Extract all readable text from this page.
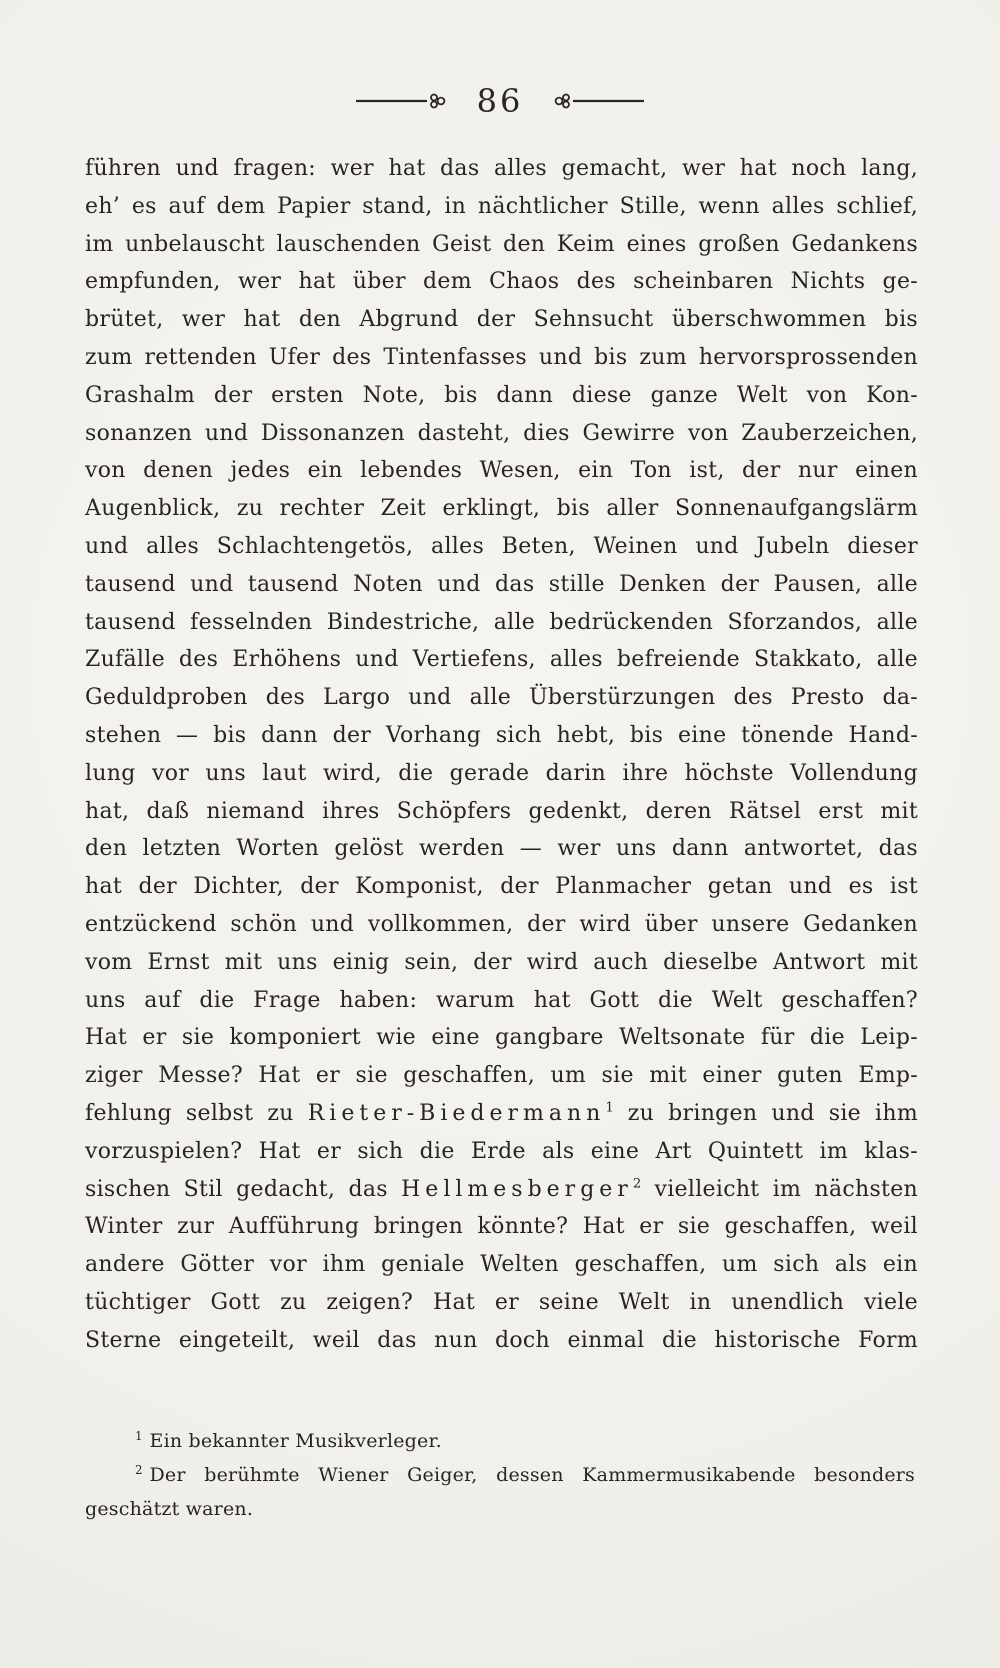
86
führen und fragen: wer hat das alles gemacht, wer hat noch lang,
eh’ es auf dem Papier stand, in nächtlicher Stille, wenn alles schlief,
im unbelauscht lauschenden Geist den Keim eines großen Gedankens
empfunden, wer hat über dem Chaos des scheinbaren Nichts ge-
brütet, wer hat den Abgrund der Sehnsucht überschwommen bis
zum rettenden Ufer des Tintenfasses und bis zum hervorsprossenden
Grashalm der ersten Note, bis dann diese ganze Welt von Kon-
sonanzen und Dissonanzen dasteht, dies Gewirre von Zauberzeichen,
von denen jedes ein lebendes Wesen, ein Ton ist, der nur einen
Augenblick, zu rechter Zeit erklingt, bis aller Sonnenaufgangslärm
und alles Schlachtengetös, alles Beten, Weinen und Jubeln dieser
tausend und tausend Noten und das stille Denken der Pausen, alle
tausend fesselnden Bindestriche, alle bedrückenden Sforzandos, alle
Zufälle des Erhöhens und Vertiefens, alles befreiende Stakkato, alle
Geduldproben des Largo und alle Überstürzungen des Presto da-
stehen — bis dann der Vorhang sich hebt, bis eine tönende Hand-
lung vor uns laut wird, die gerade darin ihre höchste Vollendung
hat, daß niemand ihres Schöpfers gedenkt, deren Rätsel erst mit
den letzten Worten gelöst werden — wer uns dann antwortet, das
hat der Dichter, der Komponist, der Planmacher getan und es ist
entzückend schön und vollkommen, der wird über unsere Gedanken
vom Ernst mit uns einig sein, der wird auch dieselbe Antwort mit
uns auf die Frage haben: warum hat Gott die Welt geschaffen?
Hat er sie komponiert wie eine gangbare Weltsonate für die Leip-
ziger Messe? Hat er sie geschaffen, um sie mit einer guten Emp-
fehlung selbst zu Rieter-Biedermann$^1$ zu bringen und sie ihm
vorzuspielen? Hat er sich die Erde als eine Art Quintett im klas-
sischen Stil gedacht, das Hellmesberger$^2$ vielleicht im nächsten
Winter zur Aufführung bringen könnte? Hat er sie geschaffen, weil
andere Götter vor ihm geniale Welten geschaffen, um sich als ein
tüchtiger Gott zu zeigen? Hat er seine Welt in unendlich viele
Sterne eingeteilt, weil das nun doch einmal die historische Form
$^1$ Ein bekannter Musikverleger.
$^2$ Der berühmte Wiener Geiger, dessen Kammermusikabende besonders
geschätzt waren.
